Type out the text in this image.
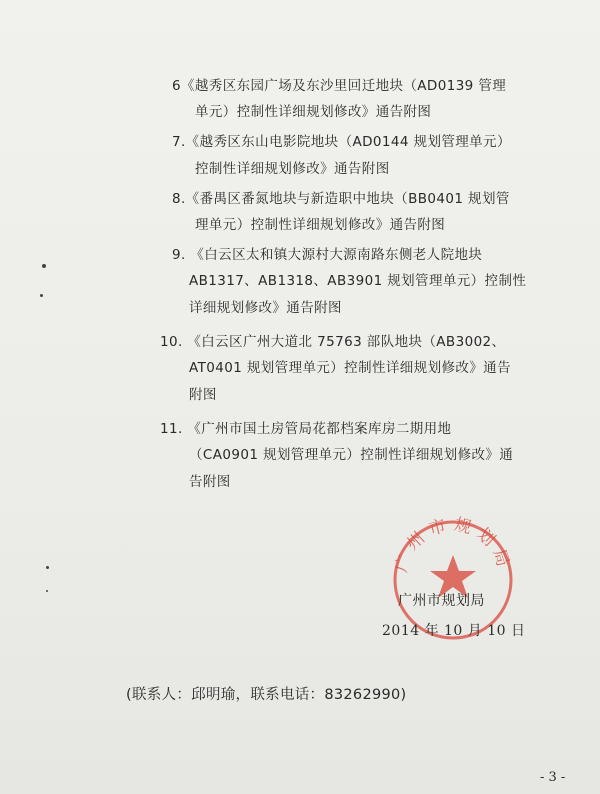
6《越秀区东园广场及东沙里回迁地块（AD0139 管理
单元）控制性详细规划修改》通告附图
7.《越秀区东山电影院地块（AD0144 规划管理单元）
控制性详细规划修改》通告附图
8.《番禺区番氮地块与新造职中地块（BB0401 规划管
理单元）控制性详细规划修改》通告附图
9. 《白云区太和镇大源村大源南路东侧老人院地块
AB1317、AB1318、AB3901 规划管理单元）控制性
详细规划修改》通告附图
10. 《白云区广州大道北 75763 部队地块（AB3002、
AT0401 规划管理单元）控制性详细规划修改》通告
附图
11. 《广州市国土房管局花都档案库房二期用地
（CA0901 规划管理单元）控制性详细规划修改》通
告附图
广州市规划局
广州市规划局
2014 年 10 月 10 日
(联系人：邱明瑜，联系电话：83262990)
- 3 -
